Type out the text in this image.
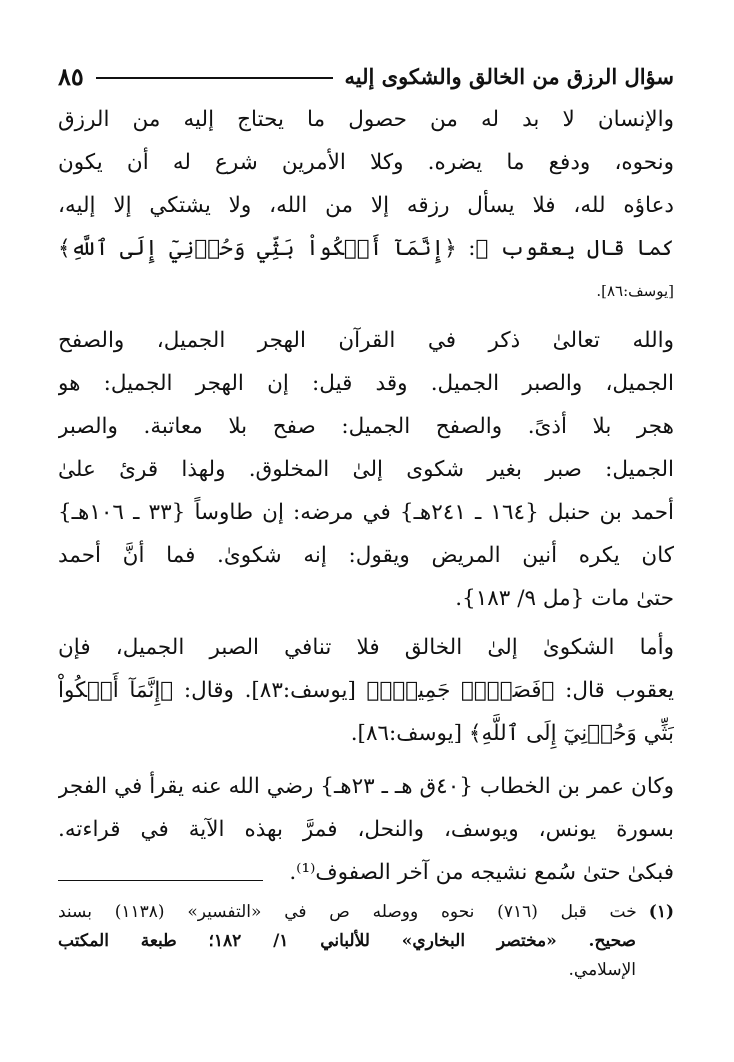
سؤال الرزق من الخالق والشكوى إليه
٨٥
والإنسان لا بد له من حصول ما يحتاج إليه من الرزق
ونحوه، ودفع ما يضره. وكلا الأمرين شرع له أن يكون
دعاؤه لله، فلا يسأل رزقه إلا من الله، ولا يشتكي إلا إليه،
كما قال يعقوب ﷺ: ﴿إِنَّمَآ أَشۡكُواْ بَثِّي وَحُزۡنِيٓ إِلَى ٱللَّهِ﴾
[يوسف:٨٦].
والله تعالىٰ ذكر في القرآن الهجر الجميل، والصفح
الجميل، والصبر الجميل. وقد قيل: إن الهجر الجميل: هو
هجر بلا أذىً. والصفح الجميل: صفح بلا معاتبة. والصبر
الجميل: صبر بغير شكوى إلىٰ المخلوق. ولهذا قرئ علىٰ
أحمد بن حنبل {١٦٤ ـ ٢٤١هـ} في مرضه: إن طاوساً {٣٣ ـ ١٠٦هـ}
كان يكره أنين المريض ويقول: إنه شكوىٰ. فما أنَّ أحمد
حتىٰ مات {مل ٩/ ١٨٣}.
وأما الشكوىٰ إلىٰ الخالق فلا تنافي الصبر الجميل، فإن
يعقوب قال: ﴿فَصَبۡرٞ جَمِيلٞۖ﴾ [يوسف:٨٣]. وقال: ﴿إِنَّمَآ أَشۡكُواْ
بَثِّي وَحُزۡنِيٓ إِلَى ٱللَّهِ﴾ [يوسف:٨٦].
وكان عمر بن الخطاب {٤٠ق هـ ـ ٢٣هـ} رضي الله عنه يقرأ في الفجر
بسورة يونس، ويوسف، والنحل، فمرَّ بهذه الآية في قراءته.
فبكىٰ حتىٰ سُمع نشيجه من آخر الصفوف⁽¹⁾.
(١)خت قبل (٧١٦) نحوه ووصله ص في «التفسير» (١١٣٨) بسند
صحيح. «مختصر البخاري» للألباني ١/ ١٨٢؛ طبعة المكتب
الإسلامي.
